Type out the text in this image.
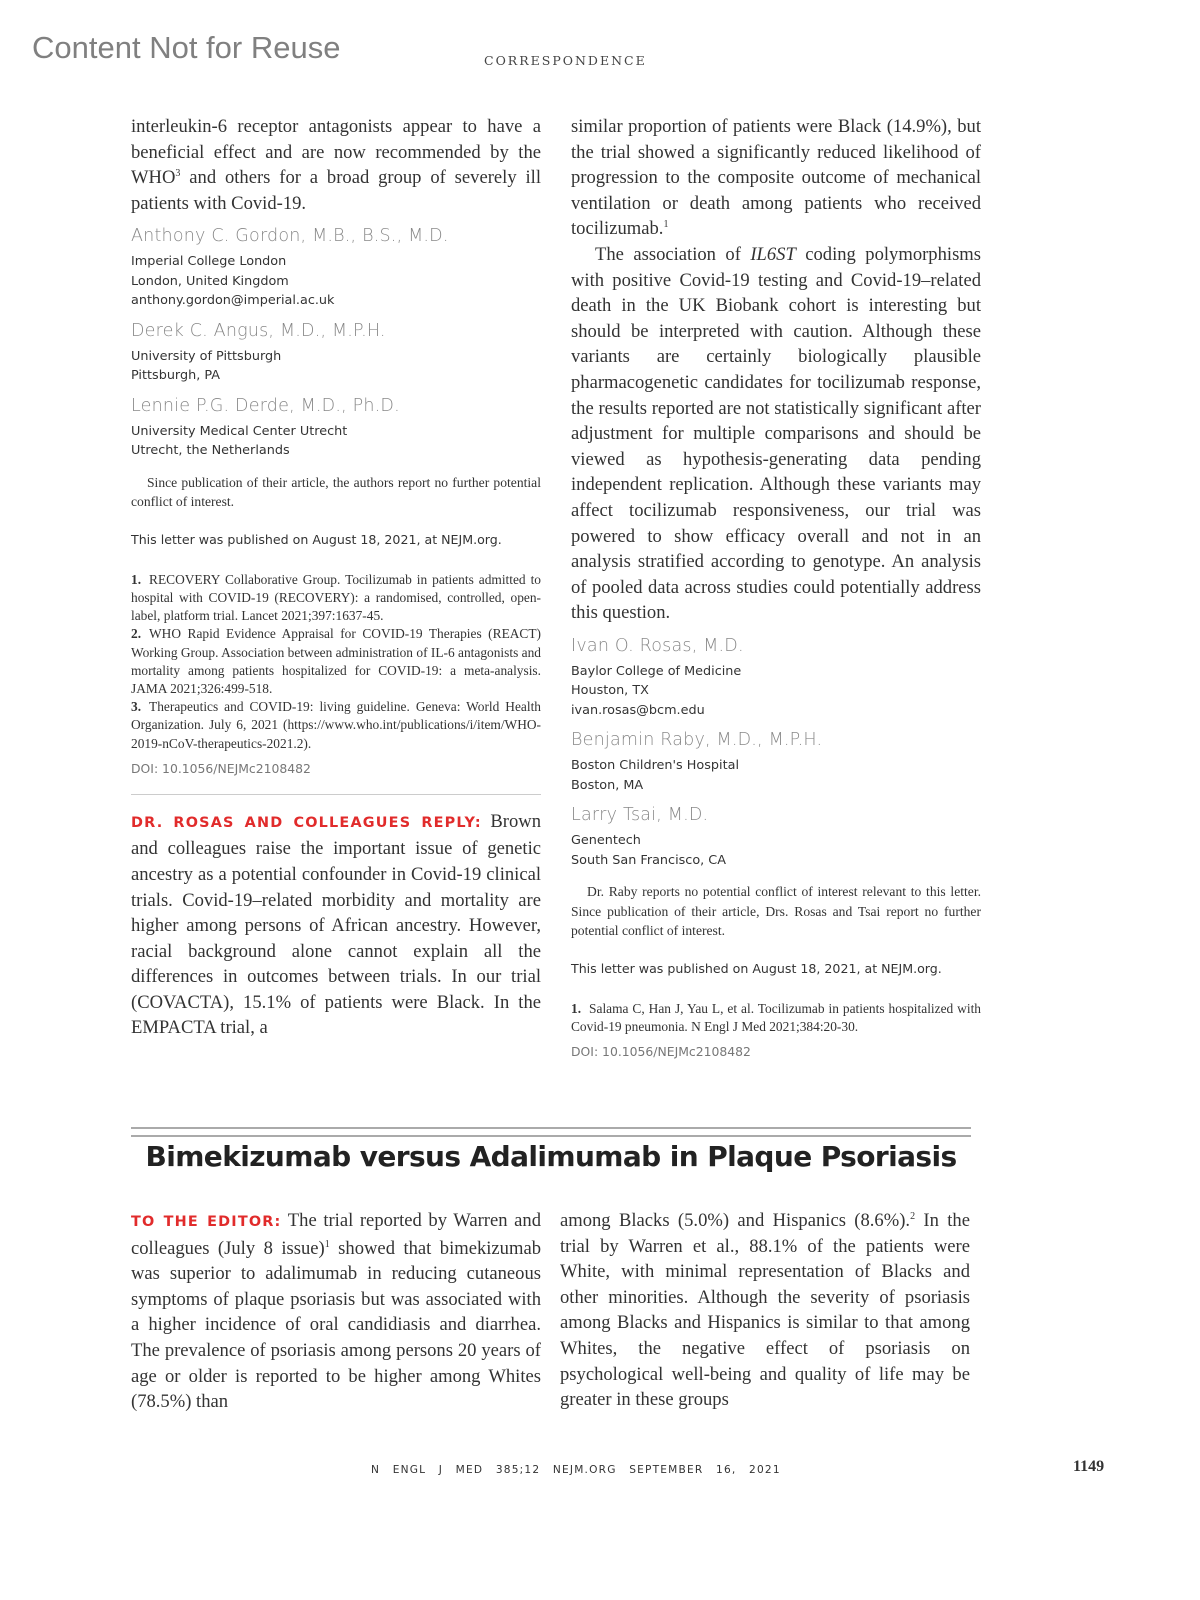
Content Not for Reuse	CORRESPONDENCE

interleukin-6 receptor antagonists appear to have a beneficial effect and are now recommended by the WHO$^3$ and others for a broad group of severely ill patients with Covid-19.

Anthony C. Gordon, M.B., B.S., M.D.
Imperial College London
London, United Kingdom
anthony.gordon@imperial.ac.uk
Derek C. Angus, M.D., M.P.H.
University of Pittsburgh
Pittsburgh, PA
Lennie P.G. Derde, M.D., Ph.D.
University Medical Center Utrecht
Utrecht, the Netherlands

Since publication of their article, the authors report no further potential conflict of interest.

This letter was published on August 18, 2021, at NEJM.org.

1. RECOVERY Collaborative Group. Tocilizumab in patients admitted to hospital with COVID-19 (RECOVERY): a randomised, controlled, open-label, platform trial. Lancet 2021;397:1637-45.
2. WHO Rapid Evidence Appraisal for COVID-19 Therapies (REACT) Working Group. Association between administration of IL-6 antagonists and mortality among patients hospitalized for COVID-19: a meta-analysis. JAMA 2021;326:499-518.
3. Therapeutics and COVID-19: living guideline. Geneva: World Health Organization. July 6, 2021 (https://www.who.int/publications/i/item/WHO-2019-nCoV-therapeutics-2021.2).
DOI: 10.1056/NEJMc2108482

DR. ROSAS AND COLLEAGUES REPLY: Brown and colleagues raise the important issue of genetic ancestry as a potential confounder in Covid-19 clinical trials. Covid-19–related morbidity and mortality are higher among persons of African ancestry. However, racial background alone cannot explain all the differences in outcomes between trials. In our trial (COVACTA), 15.1% of patients were Black. In the EMPACTA trial, a

similar proportion of patients were Black (14.9%), but the trial showed a significantly reduced likelihood of progression to the composite outcome of mechanical ventilation or death among patients who received tocilizumab.$^1$

The association of IL6ST coding polymorphisms with positive Covid-19 testing and Covid-19–related death in the UK Biobank cohort is interesting but should be interpreted with caution. Although these variants are certainly biologically plausible pharmacogenetic candidates for tocilizumab response, the results reported are not statistically significant after adjustment for multiple comparisons and should be viewed as hypothesis-generating data pending independent replication. Although these variants may affect tocilizumab responsiveness, our trial was powered to show efficacy overall and not in an analysis stratified according to genotype. An analysis of pooled data across studies could potentially address this question.

Ivan O. Rosas, M.D.
Baylor College of Medicine
Houston, TX
ivan.rosas@bcm.edu
Benjamin Raby, M.D., M.P.H.
Boston Children's Hospital
Boston, MA
Larry Tsai, M.D.
Genentech
South San Francisco, CA

Dr. Raby reports no potential conflict of interest relevant to this letter. Since publication of their article, Drs. Rosas and Tsai report no further potential conflict of interest.

This letter was published on August 18, 2021, at NEJM.org.

1. Salama C, Han J, Yau L, et al. Tocilizumab in patients hospitalized with Covid-19 pneumonia. N Engl J Med 2021;384:20-30.
DOI: 10.1056/NEJMc2108482
Bimekizumab versus Adalimumab in Plaque Psoriasis

TO THE EDITOR: The trial reported by Warren and colleagues (July 8 issue)$^1$ showed that bimekizumab was superior to adalimumab in reducing cutaneous symptoms of plaque psoriasis but was associated with a higher incidence of oral candidiasis and diarrhea. The prevalence of psoriasis among persons 20 years of age or older is reported to be higher among Whites (78.5%) than

among Blacks (5.0%) and Hispanics (8.6%).$^2$ In the trial by Warren et al., 88.1% of the patients were White, with minimal representation of Blacks and other minorities. Although the severity of psoriasis among Blacks and Hispanics is similar to that among Whites, the negative effect of psoriasis on psychological well-being and quality of life may be greater in these groups

N ENGL J MED 385;12 NEJM.ORG SEPTEMBER 16, 2021	1149
